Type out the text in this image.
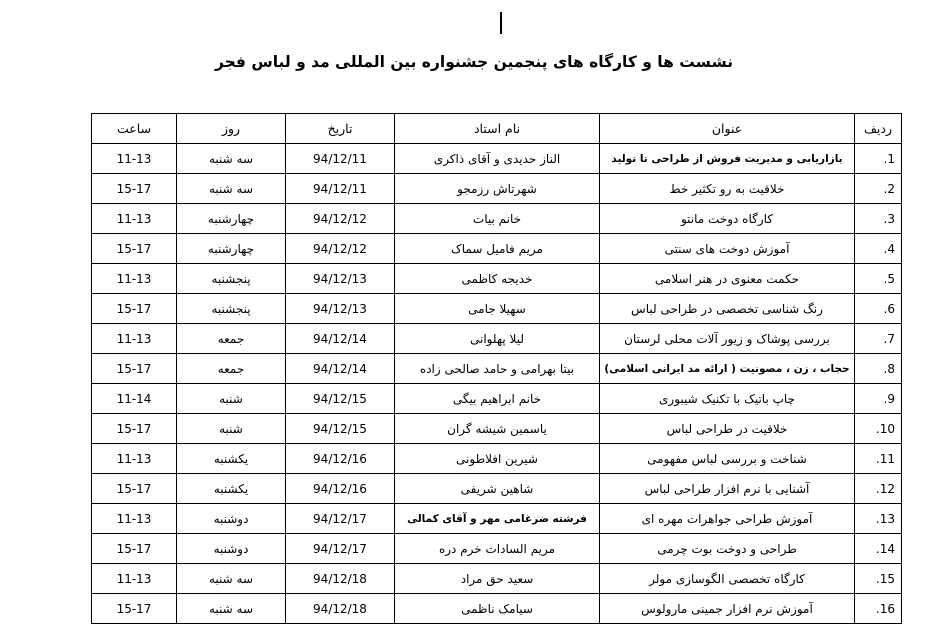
نشست ها و کارگاه های پنجمین جشنواره بین المللی مد و لباس فجر
ردیف	عنوان	نام استاد	تاریخ	روز	ساعت
1.	بازاریابی و مدیریت فروش از طراحی تا تولید	الناز حدیدی و آقای ذاکری	94/12/11	سه شنبه	11-13
2.	خلاقیت به رو تکثیر خط	شهرتاش رزمجو	94/12/11	سه شنبه	15-17
3.	کارگاه دوخت مانتو	خانم بیات	94/12/12	چهارشنبه	11-13
4.	آموزش دوخت های سنتی	مریم فامیل سماک	94/12/12	چهارشنبه	15-17
5.	حکمت معنوی در هنر اسلامی	خدیجه کاظمی	94/12/13	پنجشنبه	11-13
6.	رنگ شناسی تخصصی در طراحی لباس	سهیلا جامی	94/12/13	پنجشنبه	15-17
7.	بررسی پوشاک و زیور آلات محلی لرستان	لیلا پهلوانی	94/12/14	جمعه	11-13
8.	حجاب ، زن ، مصونیت ( ارائه مد ایرانی اسلامی)	بیتا بهرامی و حامد صالحی زاده	94/12/14	جمعه	15-17
9.	چاپ باتیک با تکنیک شیبوری	خانم ابراهیم بیگی	94/12/15	شنبه	11-14
10.	خلاقیت در طراحی لباس	یاسمین شیشه گران	94/12/15	شنبه	15-17
11.	شناخت و بررسی لباس مفهومی	شیرین افلاطونی	94/12/16	یکشنبه	11-13
12.	آشنایی با نرم افزار طراحی لباس	شاهین شریفی	94/12/16	یکشنبه	15-17
13.	آموزش طراحی جواهرات مهره ای	فرشته ضرغامی مهر و آقای کمالی	94/12/17	دوشنبه	11-13
14.	طراحی و دوخت بوت چرمی	مریم السادات خرم دره	94/12/17	دوشنبه	15-17
15.	کارگاه تخصصی الگوسازی مولر	سعید حق مراد	94/12/18	سه شنبه	11-13
16.	آموزش نرم افزار جمینی مارولوس	سیامک ناظمی	94/12/18	سه شنبه	15-17
